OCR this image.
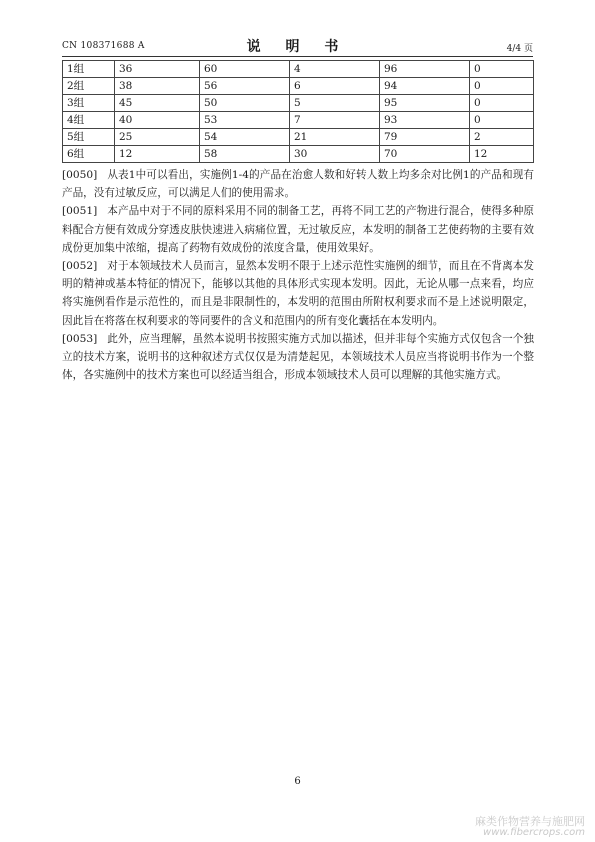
CN 108371688 A	说 明 书	4/4 页
1组	36	60	4	96	0
2组	38	56	6	94	0
3组	45	50	5	95	0
4组	40	53	7	93	0
5组	25	54	21	79	2
6组	12	58	30	70	12

[0050] 从表1中可以看出，实施例1-4的产品在治愈人数和好转人数上均多余对比例1的产品和现有产品，没有过敏反应，可以满足人们的使用需求。

[0051] 本产品中对于不同的原料采用不同的制备工艺，再将不同工艺的产物进行混合，使得多种原料配合方便有效成分穿透皮肤快速进入病痛位置，无过敏反应，本发明的制备工艺使药物的主要有效成份更加集中浓缩，提高了药物有效成份的浓度含量，使用效果好。

[0052] 对于本领域技术人员而言，显然本发明不限于上述示范性实施例的细节，而且在不背离本发明的精神或基本特征的情况下，能够以其他的具体形式实现本发明。因此，无论从哪一点来看，均应将实施例看作是示范性的，而且是非限制性的，本发明的范围由所附权利要求而不是上述说明限定，因此旨在将落在权利要求的等同要件的含义和范围内的所有变化囊括在本发明内。

[0053] 此外，应当理解，虽然本说明书按照实施方式加以描述，但并非每个实施方式仅包含一个独立的技术方案，说明书的这种叙述方式仅仅是为清楚起见，本领域技术人员应当将说明书作为一个整体，各实施例中的技术方案也可以经适当组合，形成本领域技术人员可以理解的其他实施方式。

6
麻类作物营养与施肥网
www.fibercrops.com
